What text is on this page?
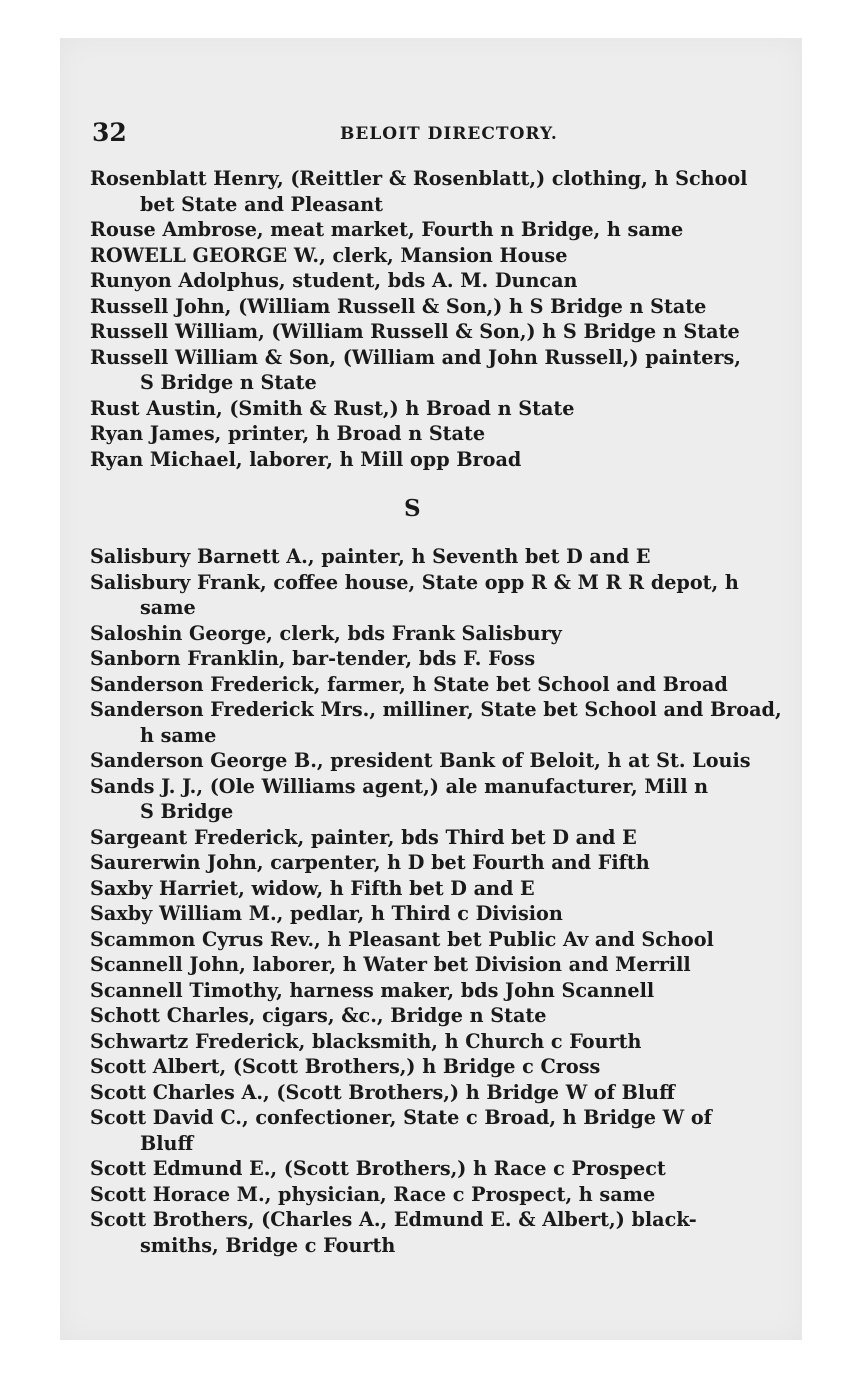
32	BELOIT DIRECTORY.
S
Rosenblatt Henry, (Reittler & Rosenblatt,) clothing, h School
bet State and Pleasant
Rouse Ambrose, meat market, Fourth n Bridge, h same
ROWELL GEORGE W., clerk, Mansion House
Runyon Adolphus, student, bds A. M. Duncan
Russell John, (William Russell & Son,) h S Bridge n State
Russell William, (William Russell & Son,) h S Bridge n State
Russell William & Son, (William and John Russell,) painters,
S Bridge n State
Rust Austin, (Smith & Rust,) h Broad n State
Ryan James, printer, h Broad n State
Ryan Michael, laborer, h Mill opp Broad
Salisbury Barnett A., painter, h Seventh bet D and E
Salisbury Frank, coffee house, State opp R & M R R depot, h
same
Saloshin George, clerk, bds Frank Salisbury
Sanborn Franklin, bar-tender, bds F. Foss
Sanderson Frederick, farmer, h State bet School and Broad
Sanderson Frederick Mrs., milliner, State bet School and Broad,
h same
Sanderson George B., president Bank of Beloit, h at St. Louis
Sands J. J., (Ole Williams agent,) ale manufacturer, Mill n
S Bridge
Sargeant Frederick, painter, bds Third bet D and E
Saurerwin John, carpenter, h D bet Fourth and Fifth
Saxby Harriet, widow, h Fifth bet D and E
Saxby William M., pedlar, h Third c Division
Scammon Cyrus Rev., h Pleasant bet Public Av and School
Scannell John, laborer, h Water bet Division and Merrill
Scannell Timothy, harness maker, bds John Scannell
Schott Charles, cigars, &c., Bridge n State
Schwartz Frederick, blacksmith, h Church c Fourth
Scott Albert, (Scott Brothers,) h Bridge c Cross
Scott Charles A., (Scott Brothers,) h Bridge W of Bluff
Scott David C., confectioner, State c Broad, h Bridge W of
Bluff
Scott Edmund E., (Scott Brothers,) h Race c Prospect
Scott Horace M., physician, Race c Prospect, h same
Scott Brothers, (Charles A., Edmund E. & Albert,) black-
smiths, Bridge c Fourth
